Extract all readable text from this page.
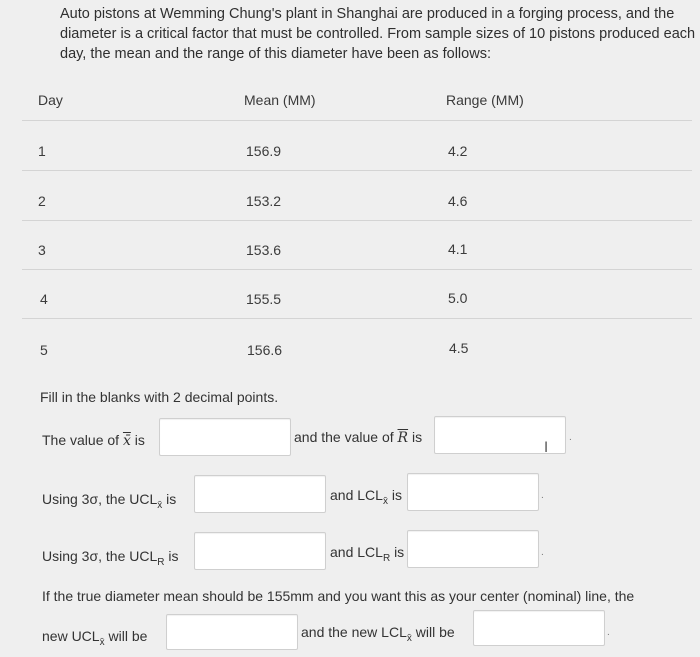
Auto pistons at Wemming Chung's plant in Shanghai are produced in a forging process, and the diameter is a critical factor that must be controlled. From sample sizes of 10 pistons produced each day, the mean and the range of this diameter have been as follows:
Day	Mean (MM)	Range (MM)
1	156.9	4.2
2	153.2	4.6
3	153.6	4.1
4	155.5	5.0
5	156.6	4.5
Fill in the blanks with 2 decimal points.
The value of x̄ is	and the value of $\overline{R}$ is
I
.
Using 3σ, the $UCL_{x̄}$ is	and $LCL_{x̄}$ is	.
Using 3σ, the $UCL_R$ is	and $LCL_R$ is	.
If the true diameter mean should be 155mm and you want this as your center (nominal) line, the
new $UCL_{x̄}$ will be	and the new $LCL_{x̄}$ will be	.
